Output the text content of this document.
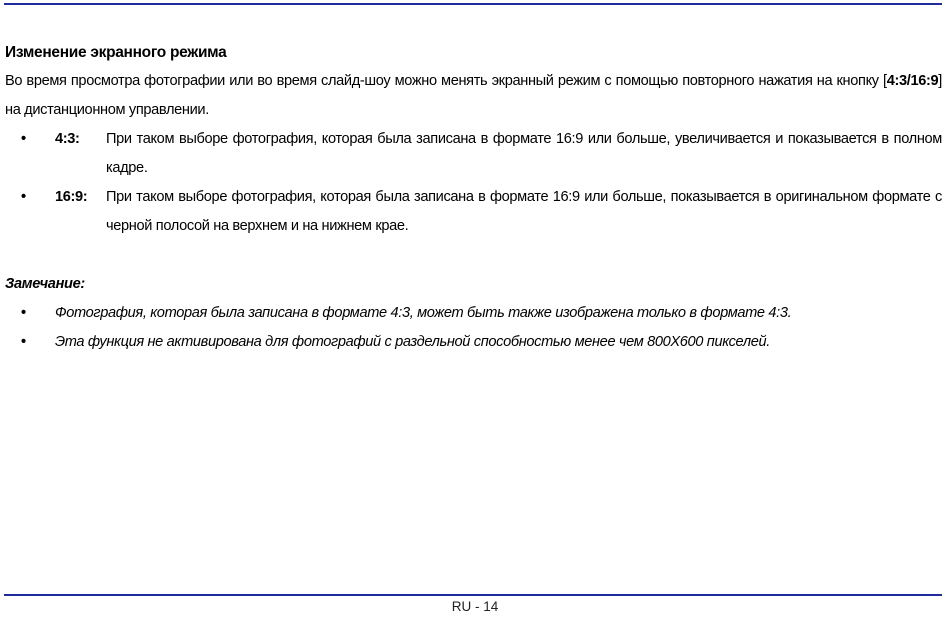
Изменение экранного режима

Во время просмотра фотографии или во время слайд-шоу можно менять экранный режим с помощью повторного нажатия на кнопку [4:3/16:9] на дистанционном управлении.

• 4:3: При таком выборе фотография, которая была записана в формате 16:9 или больше, увеличивается и показывается в полном кадре.
• 16:9: При таком выборе фотография, которая была записана в формате 16:9 или больше, показывается в оригинальном формате с черной полосой на верхнем и на нижнем крае.

Замечание:

• Фотография, которая была записана в формате 4:3, может быть также изображена только в формате 4:3.
• Эта функция не активирована для фотографий с раздельной способностью менее чем 800X600 пикселей.
RU - 14
